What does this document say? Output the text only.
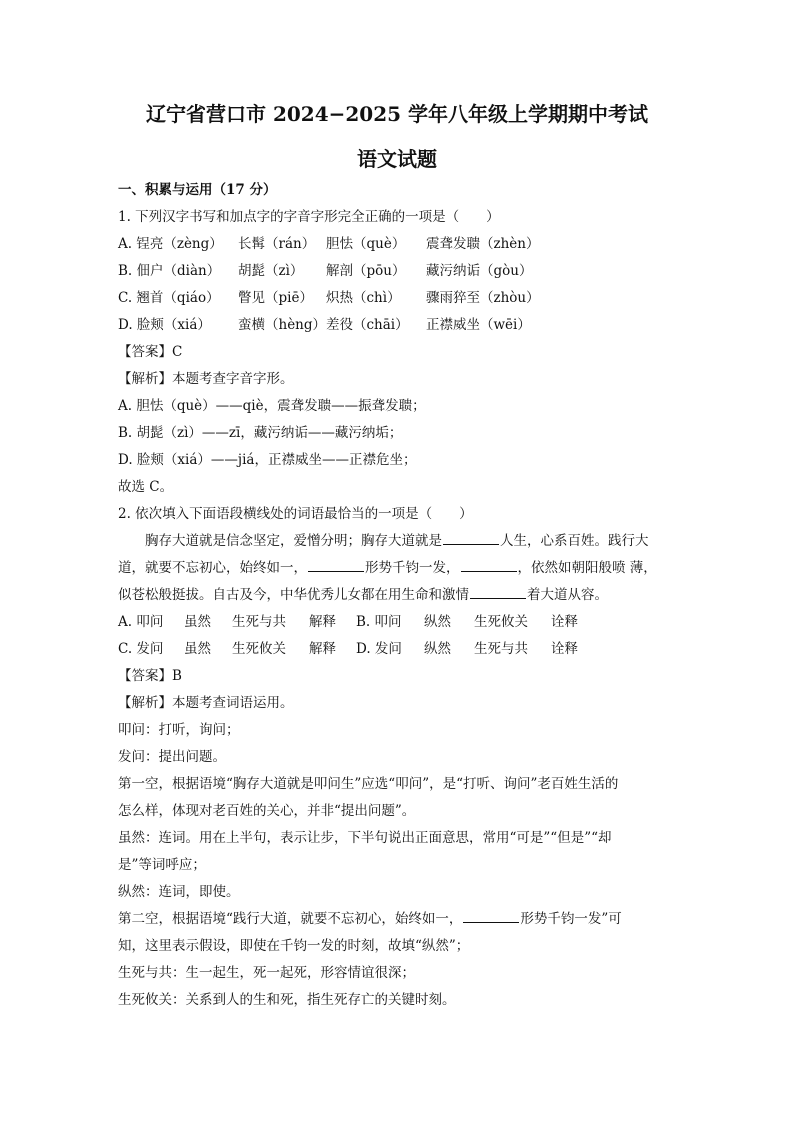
辽宁省营口市 2024−2025 学年八年级上学期期中考试
语文试题
一、积累与运用（17 分）
1. 下列汉字书写和加点字的字音字形完全正确的一项是（　　）
A. 锃亮（zèng） 长髯（rán） 胆怯（què） 震聋发聩（zhèn）
B. 佃户（diàn） 胡髭（zì） 解剖（pōu） 藏污纳诟（gòu）
C. 翘首（qiáo） 瞥见（piē） 炽热（chì） 骤雨猝至（zhòu）
D. 脸颊（xiá） 蛮横（hèng）差役（chāi） 正襟威坐（wēi）
【答案】C
【解析】本题考查字音字形。
A. 胆怯（què）——qiè，震聋发聩——振聋发聩；
B. 胡髭（zì）——zī，藏污纳诟——藏污纳垢；
D. 脸颊（xiá）——jiá，正襟威坐——正襟危坐；
故选 C。
2. 依次填入下面语段横线处的词语最恰当的一项是（　　）
胸存大道就是信念坚定，爱憎分明；胸存大道就是	人生，心系百姓。践行大
道，就要不忘初心，始终如一，	形势千钧一发，	，依然如朝阳般喷 薄，
似苍松般挺拔。自古及今，中华优秀儿女都在用生命和激情	着大道从容。
A. 叩问 虽然 生死与共 解释 B. 叩问 纵然 生死攸关 诠释
C. 发问 虽然 生死攸关 解释 D. 发问 纵然 生死与共 诠释
【答案】B
【解析】本题考查词语运用。
叩问：打听，询问；
发问：提出问题。
第一空，根据语境“胸存大道就是叩问生”应选“叩问”，是“打听、询问”老百姓生活的
怎么样，体现对老百姓的关心，并非“提出问题”。
虽然：连词。用在上半句，表示让步，下半句说出正面意思，常用“可是”“但是”“却
是”等词呼应；
纵然：连词，即使。
第二空，根据语境“践行大道，就要不忘初心，始终如一，	形势千钧一发”可
知，这里表示假设，即使在千钧一发的时刻，故填“纵然”；
生死与共：生一起生，死一起死，形容情谊很深；
生死攸关：关系到人的生和死，指生死存亡的关键时刻。
